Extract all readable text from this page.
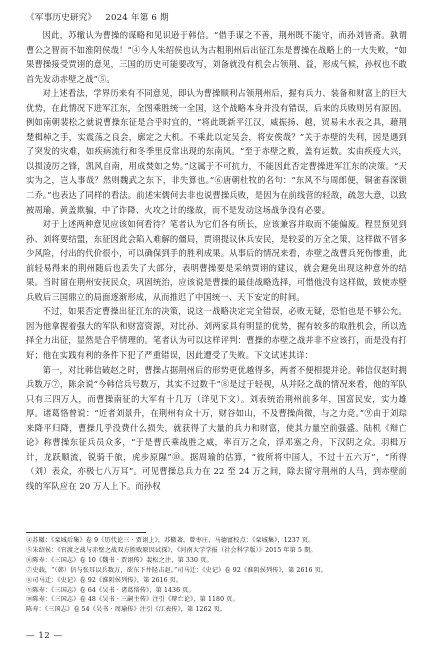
《军事历史研究》 2024 年第 6 期

因此，苏辙认为曹操的谋略和见识逊于韩信。“借手谋之不善，荆州既不能守，而孙刘皆斋。孰谓曹公之智而不如淮阴侯哉！”④今人朱绍侯也认为古粗荆州后出征江东是曹操在战略上的一大失败，“如果曹操接受贾诩的意见，三国的历史可能要改写，刘备就没有机会占领荆、益，形成气候，孙权也不敢首先发动赤壁之战”⑤。

对上述看法，学界历来有不同意见，即认为曹操顺利占领荆州后，握有兵力、装备和财富上的巨大优势，在此情况下进军江东，全图乘胜统一全国，这个战略本身并没有错误，后来的兵败则另有原因。例如南朝裴松之就说曹操东征是合乎时宜的，“将此既新平江汉，威振扬、越，贸易未水表之具，藉荆楚楫棹之手，实震荡之良会，廓定之大机。不乘此以定吴会，将安俟哉？”关于赤壁的失利，因是遇到了突发的灾难，如疾病流行和冬季里反常出现的东南风。“至于赤壁之败，盖有运数。实由疾疫大兴，以损凌厉之锋，凯风自南，用成焚如之势。”这属于不可抗力，不能因此否定曹操进军江东的决策。“天实为之，岂人事哉？然则魏武之东下，非失算也。”⑥唐朝杜牧的名句：“东风不与周郎便，铜雀春深锁二乔。”也表达了同样的看法。前述宋儒何去非也说曹操兵败，是因为在前线营的轻敌，疏忽大意，以致被周瑜、黄盖欺骗，中了诈降、火攻之计的缘故，而不是发动这场战争没有必要。

对于上述两种意见应该如何看待？笔者认为它们各有所长，应该兼容并取而不能偏废。程昱预见到孙、刘将要结盟，东征因此会陷入难解的僵局，贾诩提议休兵安民，是较妥的万全之策，这样做不冒多少风险，付出的代价很小，可以确保到手的胜利成果。从事后的情况来看，赤壁之战曹兵死伤惨重，此前轻易得来的荆州随后也丢失了大部分，表明曹操要是采纳贾诩的建议，就会避免出现这种意外的结果。当时留在荆州安抚民众，巩固统治，应该说是曹操的最佳战略选择，可惜他没有这样做，致使赤壁兵败后三国鼎立的局面逐渐形成，从而推迟了中国统一、天下安定的时间。

不过，如果否定曹操出征江东的决策，说这一战略决定完全错误，必败无疑，恐怕也是不够公允。因为他拿握着强大的军队和财富资源，对比孙、刘两家具有明显的优势，握有较多的取胜机会，所以选择全力出征，显然是合乎情理的。笔者认为可以这样评判：曹操的赤壁之战并非不应该打，而是没有打好；他在实践有利的条件下犯了严重错误，因此遭受了失败。下文试述其详：

第一，对比韩信破赵之时，曹操占据荆州后的形势更优越得多，两者不便相提并论。韩信仅赵时拥兵数万⑦，陈余说“今韩信兵号数万，其实不过数千”⑧是过于轻视，从并陉之战的情况来看，他的军队只有三四万人，而曹操南征的大军有十几万（详见下文）。刘表统治荆州前多年，国富民安，实力雄厚。诸葛恪曾说：“近者刘景升，在荆州有众十万，财谷如山，不及曹操尚微，与之力竞。”⑨由于刘琮来降平归降，曹操几乎没费什么损失，就获得了大量的兵力和财富，使其力量空前强盛。陆机《辩亡论》称曹操东征兵员众多，“于是曹氏乘战胜之威，率百万之众，浮邓塞之舟，下汉阴之众。羽楫万计，龙跃顺流，锐骑千旅，虎步原隰”⑩。据周瑜的估算，“彼所将中国人，不过十五六万”，“所得（刘）表众，亦极七八万耳”。可见曹操总兵力在 22 至 24 万之间，除去留守荆州的人马，到赤壁前线的军队应在 20 万人上下。而孙权

④苏辙：《栾城后集》卷 9《历代论三 · 贾诩上》，苏辙著，曾枣庄、马德富校点：《栾城集》，1237 页。
⑤朱绍侯：《官渡之战与赤壁之战双方胜败原因试探》，《河南大学学报（社会科学版）》2015 年第 5 期。
⑥陈寿：《三国志》卷 10《魏书 · 贾诩传》裴松之注，第 330 页。
⑦史载，“（韩）信与张耳以兵数万，欲东下井陉击赵。”司马迁：《史记》卷 92《淮阴侯列传》，第 2616 页。
⑧司马迁：《史记》卷 92《淮阴侯列传》，第 2616 页。
⑨陈寿：《三国志》卷 64《吴书 · 诸葛恪传》，第 1436 页。
⑩陈寿：《三国志》卷 48《吴书 · 三嗣主传》注引《辩亡论》，第 1180 页。
陈寿：《三国志》卷 54《吴书 · 周瑜传》注引《江表传》，第 1262 页。
— 12 —
